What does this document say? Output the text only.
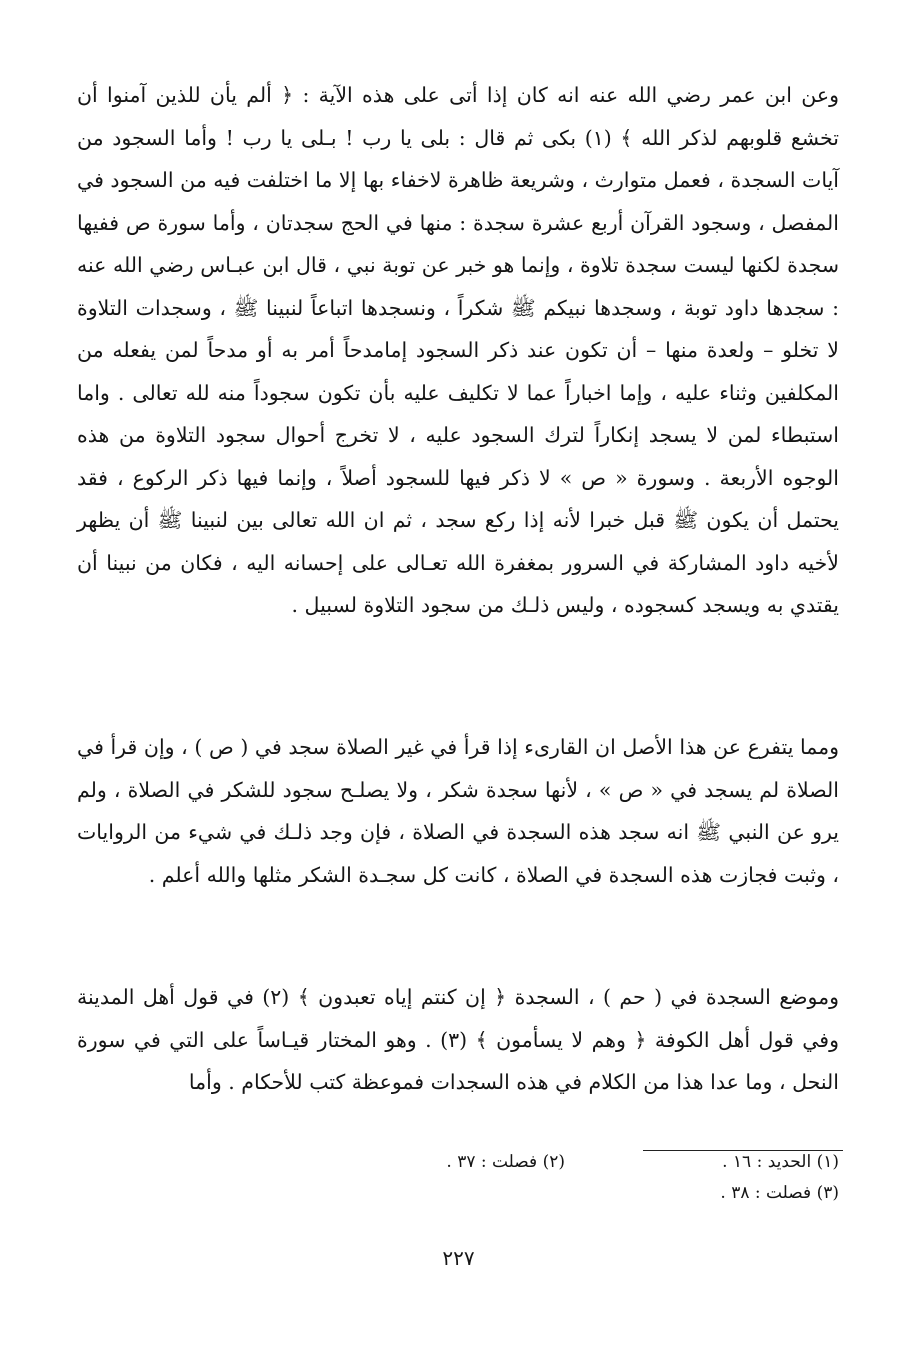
وعن ابن عمر رضي الله عنه انه كان إذا أتى على هذه الآية : ﴿ ألم يأن للذين آمنوا أن تخشع قلوبهم لذكر الله ﴾ (١) بكى ثم قال : بلى يا رب ! بـلى يا رب ! وأما السجود من آيات السجدة ، فعمل متوارث ، وشريعة ظاهرة لاخفاء بها إلا ما اختلفت فيه من السجود في المفصل ، وسجود القرآن أربع عشرة سجدة : منها في الحج سجدتان ، وأما سورة ص ففيها سجدة لكنها ليست سجدة تلاوة ، وإنما هو خبر عن توبة نبي ، قال ابن عبـاس رضي الله عنه : سجدها داود توبة ، وسجدها نبيكم ﷺ شكراً ، ونسجدها اتباعاً لنبينا ﷺ ، وسجدات التلاوة لا تخلو – ولعدة منها – أن تكون عند ذكر السجود إمامدحاً أمر به أو مدحاً لمن يفعله من المكلفين وثناء عليه ، وإما اخباراً عما لا تكليف عليه بأن تكون سجوداً منه لله تعالى . واما استبطاء لمن لا يسجد إنكاراً لترك السجود عليه ، لا تخرج أحوال سجود التلاوة من هذه الوجوه الأربعة . وسورة « ص » لا ذكر فيها للسجود أصلاً ، وإنما فيها ذكر الركوع ، فقد يحتمل أن يكون ﷺ قبل خبرا لأنه إذا ركع سجد ، ثم ان الله تعالى بين لنبينا ﷺ أن يظهر لأخيه داود المشاركة في السرور بمغفرة الله تعـالى على إحسانه اليه ، فكان من نبينا أن يقتدي به ويسجد كسجوده ، وليس ذلـك من سجود التلاوة لسبيل .

ومما يتفرع عن هذا الأصل ان القارىء إذا قرأ في غير الصلاة سجد في ( ص ) ، وإن قرأ في الصلاة لم يسجد في « ص » ، لأنها سجدة شكر ، ولا يصلـح سجود للشكر في الصلاة ، ولم يرو عن النبي ﷺ انه سجد هذه السجدة في الصلاة ، فإن وجد ذلـك في شيء من الروايات ، وثبت فجازت هذه السجدة في الصلاة ، كانت كل سجـدة الشكر مثلها والله أعلم .

وموضع السجدة في ( حم ) ، السجدة ﴿ إن كنتم إياه تعبدون ﴾ (٢) في قول أهل المدينة وفي قول أهل الكوفة ﴿ وهم لا يسأمون ﴾ (٣) . وهو المختار قيـاساً على التي في سورة النحل ، وما عدا هذا من الكلام في هذه السجدات فموعظة كتب للأحكام . وأما

(١) الحديد : ١٦ .
(٢) فصلت : ٣٧ .
(٣) فصلت : ٣٨ .
٢٢٧
